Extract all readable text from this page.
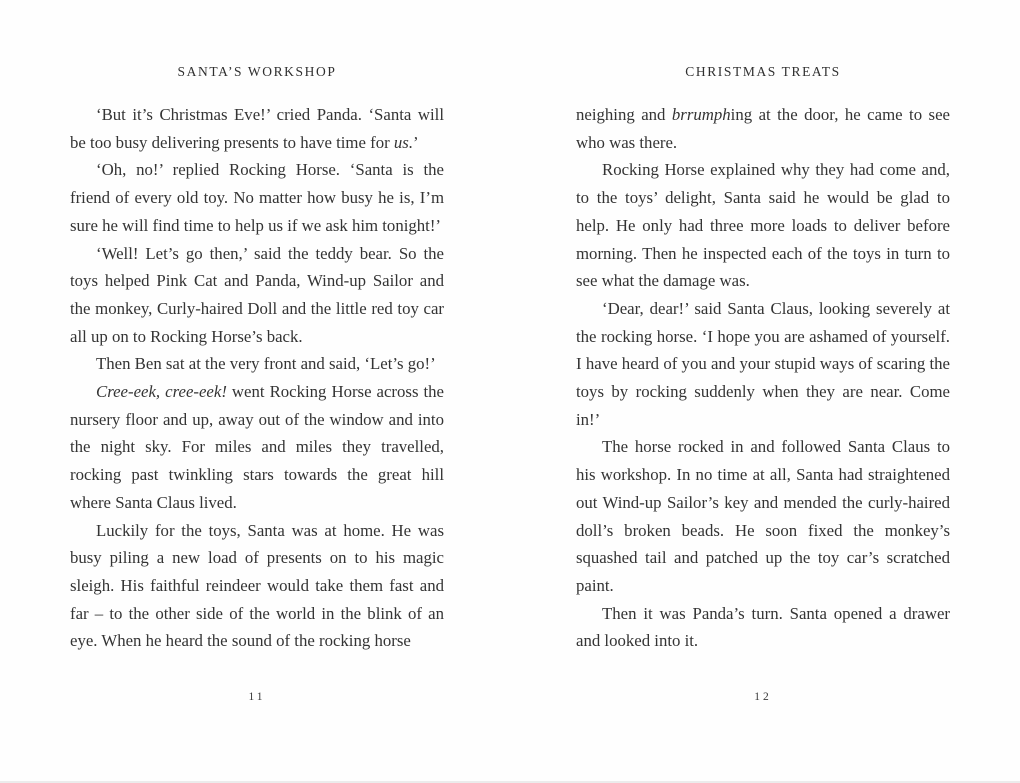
SANTA’S WORKSHOP

‘But it’s Christmas Eve!’ cried Panda. ‘Santa will be too busy delivering presents to have time for us.’

‘Oh, no!’ replied Rocking Horse. ‘Santa is the friend of every old toy. No matter how busy he is, I’m sure he will find time to help us if we ask him tonight!’

‘Well! Let’s go then,’ said the teddy bear. So the toys helped Pink Cat and Panda, Wind-up Sailor and the monkey, Curly-haired Doll and the little red toy car all up on to Rocking Horse’s back.

Then Ben sat at the very front and said, ‘Let’s go!’

Cree-eek, cree-eek! went Rocking Horse across the nursery floor and up, away out of the window and into the night sky. For miles and miles they travelled, rocking past twinkling stars towards the great hill where Santa Claus lived.

Luckily for the toys, Santa was at home. He was busy piling a new load of presents on to his magic sleigh. His faithful reindeer would take them fast and far – to the other side of the world in the blink of an eye. When he heard the sound of the rocking horse

11
CHRISTMAS TREATS

neighing and brrumphing at the door, he came to see who was there.

Rocking Horse explained why they had come and, to the toys’ delight, Santa said he would be glad to help. He only had three more loads to deliver before morning. Then he inspected each of the toys in turn to see what the damage was.

‘Dear, dear!’ said Santa Claus, looking severely at the rocking horse. ‘I hope you are ashamed of yourself. I have heard of you and your stupid ways of scaring the toys by rocking suddenly when they are near. Come in!’

The horse rocked in and followed Santa Claus to his workshop. In no time at all, Santa had straightened out Wind-up Sailor’s key and mended the curly-haired doll’s broken beads. He soon fixed the monkey’s squashed tail and patched up the toy car’s scratched paint.

Then it was Panda’s turn. Santa opened a drawer and looked into it.

12
